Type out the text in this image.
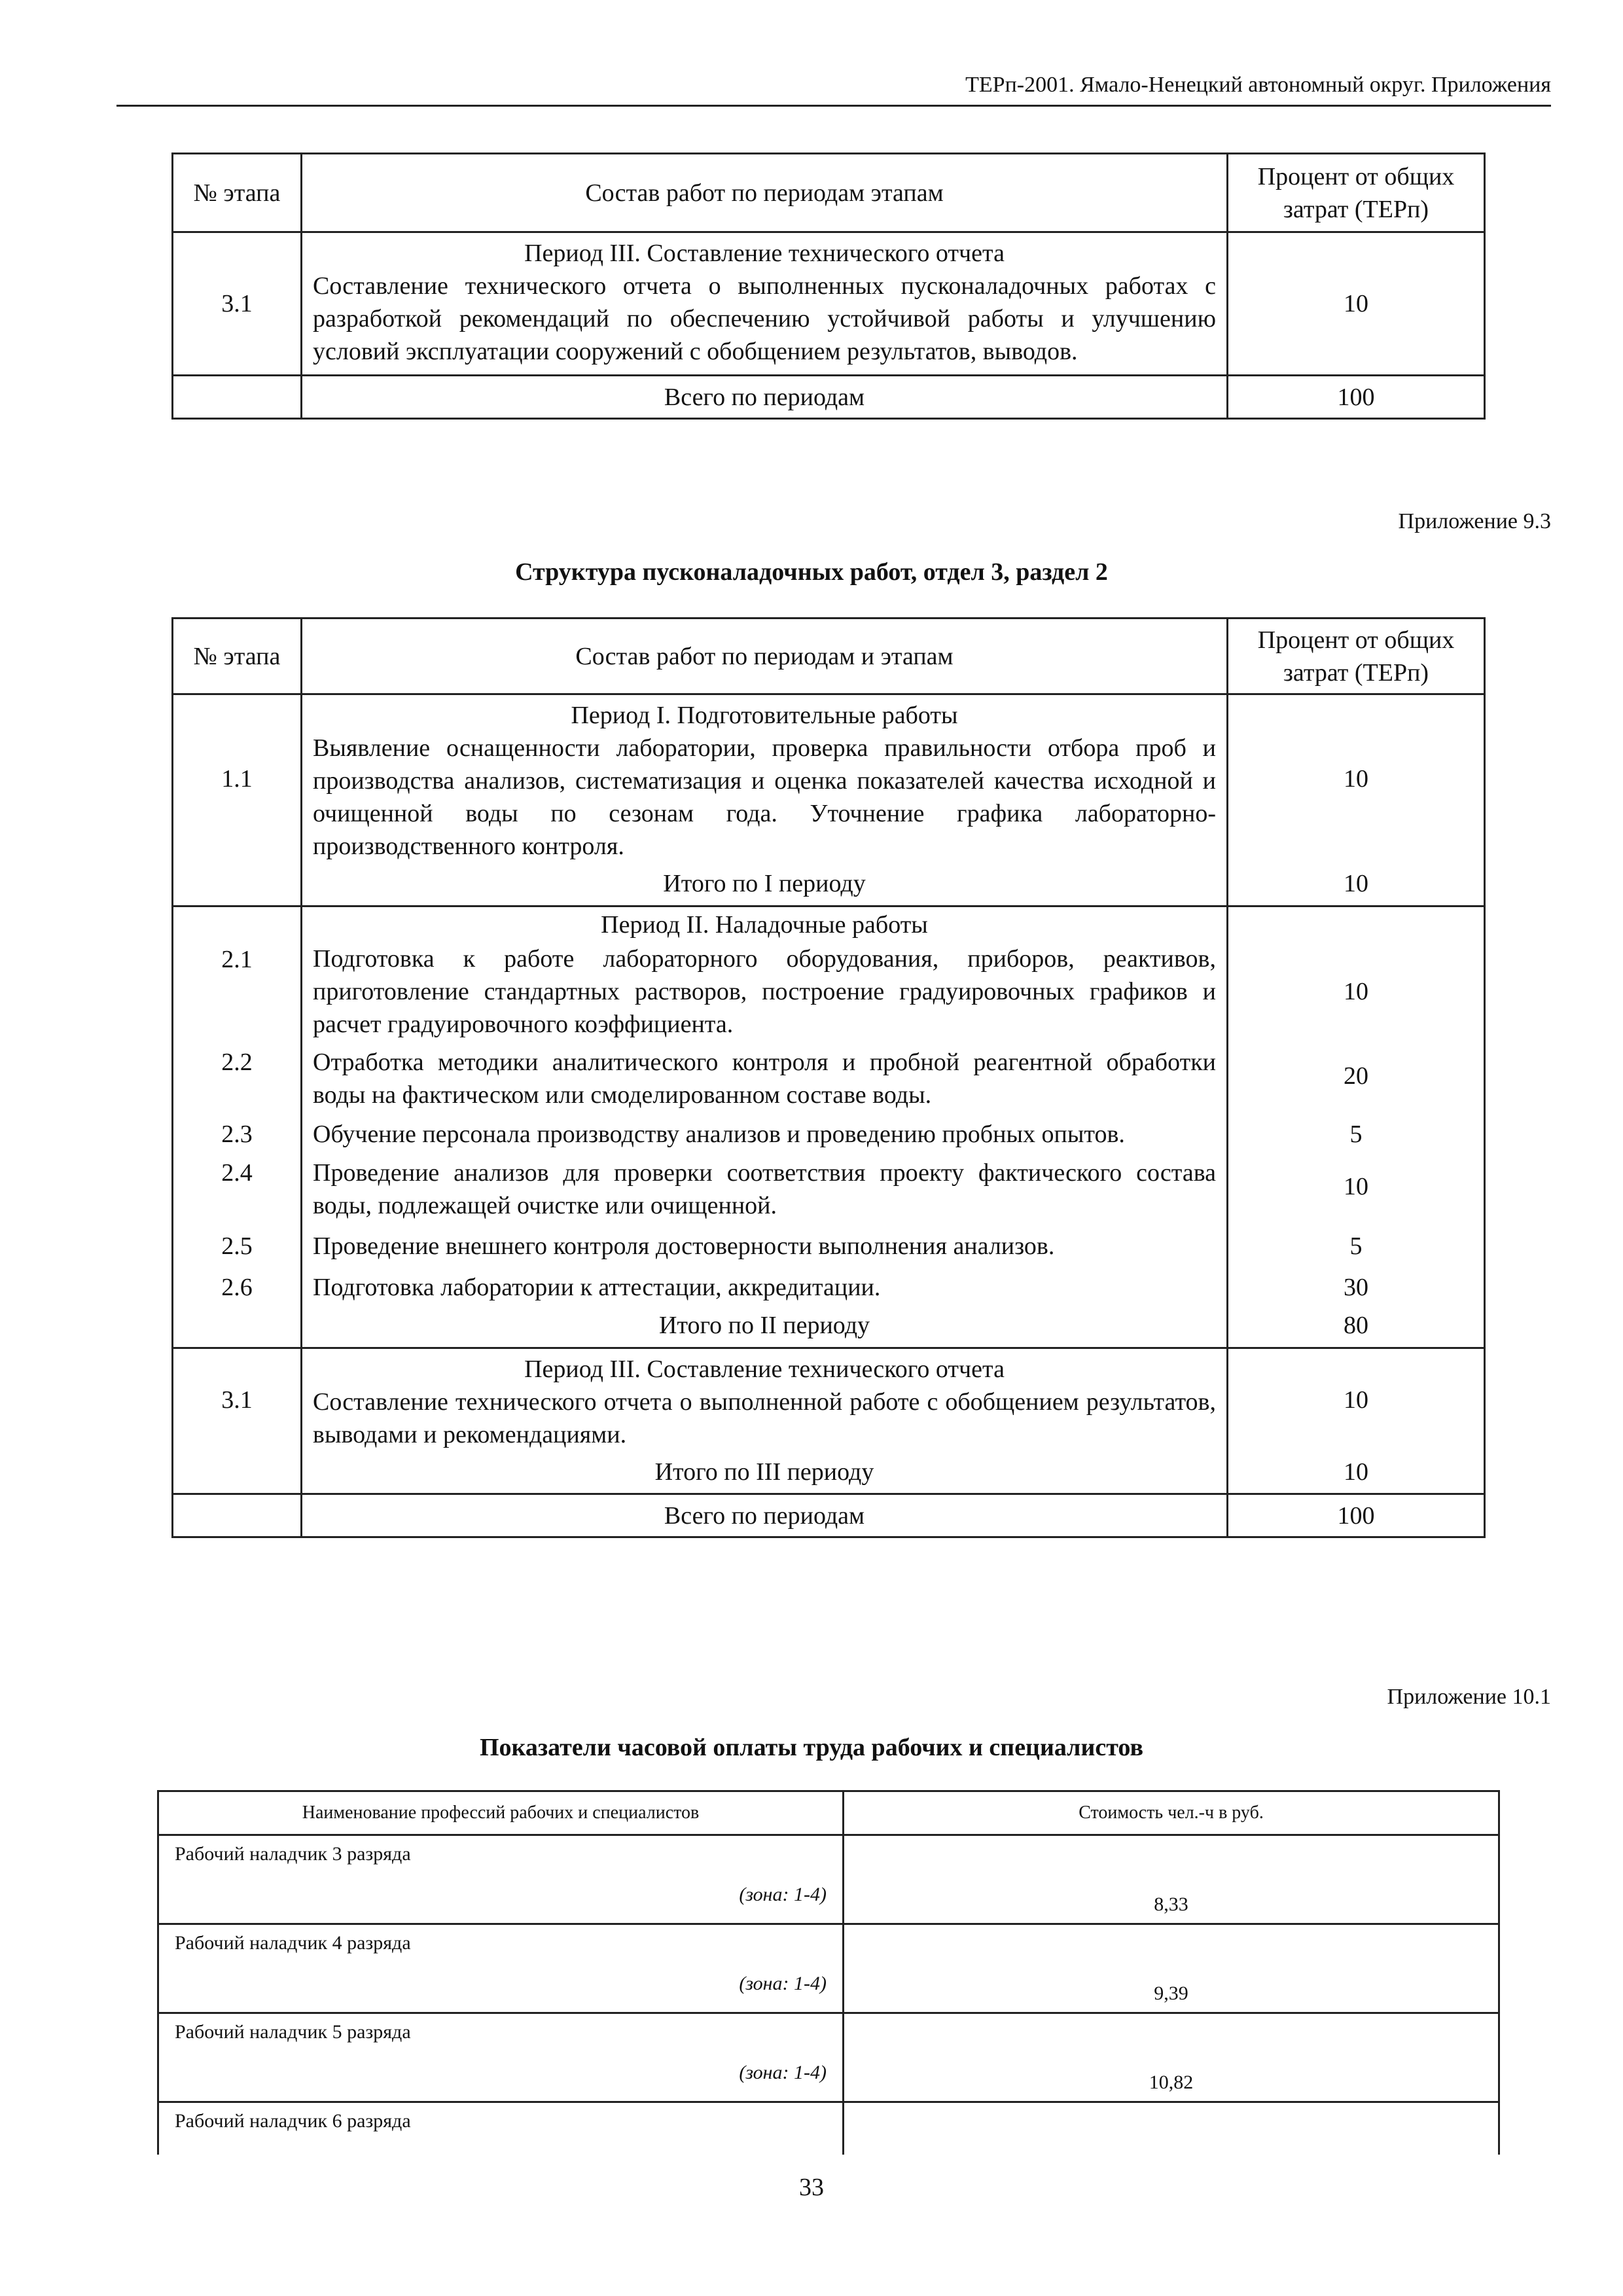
ТЕРп-2001. Ямало-Ненецкий автономный округ. Приложения
№ этапа	Состав работ по периодам этапам	Процент от общих затрат (ТЕРп)
3.1	Период III. Составление технического отчета
Составление технического отчета о выполненных пусконаладочных работах с разработкой рекомендаций по обеспечению устойчивой работы и улучшению условий эксплуатации сооружений с обобщением результатов, выводов.	10
	Всего по периодам	100
Приложение 9.3
Структура пусконаладочных работ, отдел 3, раздел 2
№ этапа	Состав работ по периодам и этапам	Процент от общих затрат (ТЕРп)
1.1	Период I. Подготовительные работы
Выявление оснащенности лаборатории, проверка правильности отбора проб и производства анализов, систематизация и оценка показателей качества исходной и очищенной воды по сезонам года. Уточнение графика лабораторно-производственного контроля.	10
	Итого по I периоду	10

	Период II. Наладочные работы	

2.1	Подготовка к работе лабораторного оборудования, приборов, реактивов, приготовление стандартных растворов, построение градуировочных графиков и расчет градуировочного коэффициента.	10
2.2	Отработка методики аналитического контроля и пробной реагентной обработки воды на фактическом или смоделированном составе воды.	20
2.3	Обучение персонала производству анализов и проведению пробных опытов.	5
2.4	Проведение анализов для проверки соответствия проекту фактического состава воды, подлежащей очистке или очищенной.	10
2.5	Проведение внешнего контроля достоверности выполнения анализов.	5
2.6	Подготовка лаборатории к аттестации, аккредитации.	30
	Итого по II периоду	80
3.1	Период III. Составление технического отчета
Составление технического отчета о выполненной работе с обобщением результатов, выводами и рекомендациями.	10
	Итого по III периоду	10
	Всего по периодам	100
Приложение 10.1
Показатели часовой оплаты труда рабочих и специалистов
Наименование профессий рабочих и специалистов	Стоимость чел.-ч в руб.

Рабочий наладчик 3 разряда
(зона: 1-4)	8,33

Рабочий наладчик 4 разряда
(зона: 1-4)	9,39

Рабочий наладчик 5 разряда
(зона: 1-4)	10,82

Рабочий наладчик 6 разряда	

33
